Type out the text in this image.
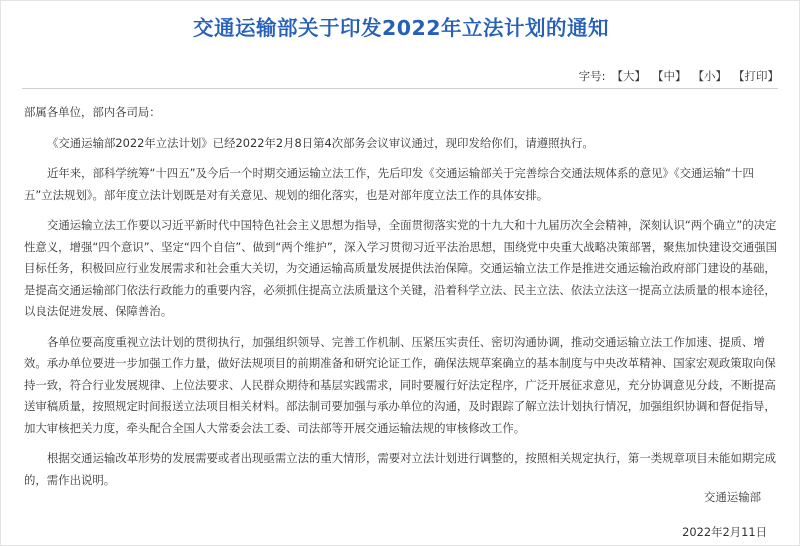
交通运输部关于印发2022年立法计划的通知
字号: 【大】 【中】 【小】 【打印】

部属各单位，部内各司局：

《交通运输部2022年立法计划》已经2022年2月8日第4次部务会议审议通过，现印发给你们，请遵照执行。

近年来，部科学统筹“十四五”及今后一个时期交通运输立法工作，先后印发《交通运输部关于完善综合交通法规体系的意见》《交通运输“十四五”立法规划》。部年度立法计划既是对有关意见、规划的细化落实，也是对部年度立法工作的具体安排。

交通运输立法工作要以习近平新时代中国特色社会主义思想为指导，全面贯彻落实党的十九大和十九届历次全会精神，深刻认识“两个确立”的决定性意义，增强“四个意识”、坚定“四个自信”、做到“两个维护”，深入学习贯彻习近平法治思想，围绕党中央重大战略决策部署，聚焦加快建设交通强国目标任务，积极回应行业发展需求和社会重大关切，为交通运输高质量发展提供法治保障。交通运输立法工作是推进交通运输治政府部门建设的基础，是提高交通运输部门依法行政能力的重要内容，必须抓住提高立法质量这个关键，沿着科学立法、民主立法、依法立法这一提高立法质量的根本途径，以良法促进发展、保障善治。

各单位要高度重视立法计划的贯彻执行，加强组织领导、完善工作机制、压紧压实责任、密切沟通协调，推动交通运输立法工作加速、提质、增效。承办单位要进一步加强工作力量，做好法规项目的前期准备和研究论证工作，确保法规草案确立的基本制度与中央改革精神、国家宏观政策取向保持一致，符合行业发展规律、上位法要求、人民群众期待和基层实践需求，同时要履行好法定程序，广泛开展征求意见，充分协调意见分歧，不断提高送审稿质量，按照规定时间报送立法项目相关材料。部法制司要加强与承办单位的沟通，及时跟踪了解立法计划执行情况，加强组织协调和督促指导，加大审核把关力度，牵头配合全国人大常委会法工委、司法部等开展交通运输法规的审核修改工作。

根据交通运输改革形势的发展需要或者出现亟需立法的重大情形，需要对立法计划进行调整的，按照相关规定执行，第一类规章项目未能如期完成的，需作出说明。

交通运输部
2022年2月11日
